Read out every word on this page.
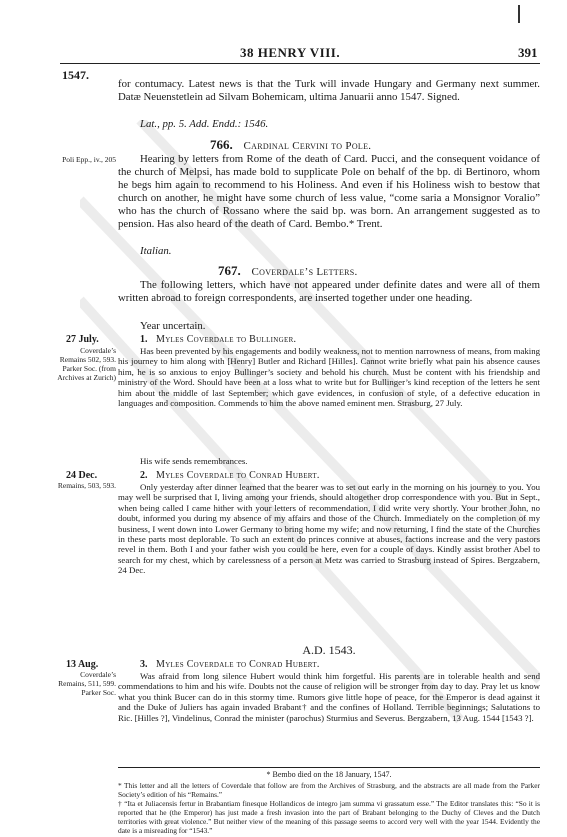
38 HENRY VIII.	391
1547.
for contumacy. Latest news is that the Turk will invade Hungary and Germany next summer. Datæ Neuenstetlein ad Silvam Bohemicam, ultima Januarii anno 1547. Signed.
Lat., pp. 5. Add. Endd.: 1546.
766. Cardinal Cervini to Pole.
Poli Epp., iv., 205	Hearing by letters from Rome of the death of Card. Pucci, and the consequent voidance of the church of Melpsi, has made bold to supplicate Pole on behalf of the bp. di Bertinoro, whom he begs him again to recommend to his Holiness. And even if his Holiness wish to bestow that church on another, he might have some church of less value, “come saria a Monsignor Voralio” who has the church of Rossano where the said bp. was born. An arrangement suggested as to pension. Has also heard of the death of Card. Bembo.* Trent.
Italian.
767. Coverdale’s Letters.
The following letters, which have not appeared under definite dates and were all of them written abroad to foreign correspondents, are inserted together under one heading.
Year uncertain.
27 July.
Coverdale’s Remains 502, 593. Parker Soc. (from Archives at Zurich)
1. Myles Coverdale to Bullinger.
Has been prevented by his engagements and bodily weakness, not to mention narrowness of means, from making his journey to him along with [Henry] Butler and Richard [Hilles]. Cannot write briefly what pain his absence causes him, he is so anxious to enjoy Bullinger’s society and behold his church. Must be content with his friendship and ministry of the Word. Should have been at a loss what to write but for Bullinger’s kind reception of the letters he sent him about the middle of last September; which gave evidences, in confusion of style, of a defective education in languages and composition. Commends to him the above named eminent men. Strasburg, 27 July.
His wife sends remembrances.
24 Dec.
Remains, 503, 593.
2. Myles Coverdale to Conrad Hubert.
Only yesterday after dinner learned that the bearer was to set out early in the morning on his journey to you. You may well be surprised that I, living among your friends, should altogether drop correspondence with you. But in Sept., when being called I came hither with your letters of recommendation, I did write very shortly. Your brother John, no doubt, informed you during my absence of my affairs and those of the Church. Immediately on the completion of my business, I went down into Lower Germany to bring home my wife; and now returning, I find the state of the Churches in these parts most deplorable. To such an extent do princes connive at abuses, factions increase and the very pastors revel in them. Both I and your father wish you could be here, even for a couple of days. Kindly assist brother Abel to search for my chest, which by carelessness of a person at Metz was carried to Strasburg instead of Spires. Bergzabern, 24 Dec.
A.D. 1543.
13 Aug.
Coverdale’s Remains, 511, 599. Parker Soc.
3. Myles Coverdale to Conrad Hubert.
Was afraid from long silence Hubert would think him forgetful. His parents are in tolerable health and send commendations to him and his wife. Doubts not the cause of religion will be stronger from day to day. Pray let us know what you think Bucer can do in this stormy time. Rumors give little hope of peace, for the Emperor is dead against it and the Duke of Juliers has again invaded Brabant† and the confines of Holland. Terrible beginnings; Salutations to Ric. [Hilles ?], Vindelinus, Conrad the minister (parochus) Sturmius and Severus. Bergzabern, 13 Aug. 1544 [1543 ?].
* Bembo died on the 18 January, 1547.
* This letter and all the letters of Coverdale that follow are from the Archives of Strasburg, and the abstracts are all made from the Parker Society’s edition of his “Remains.”
† “Ita et Juliacensis fertur in Brabantiam finesque Hollandicos de integro jam summa vi grassatum esse.” The Editor translates this: “So it is reported that he (the Emperor) has just made a fresh invasion into the part of Brabant belonging to the Duchy of Cleves and the Dutch territories with great violence.” But neither view of the meaning of this passage seems to accord very well with the year 1544. Evidently the date is a misreading for “1543.”
